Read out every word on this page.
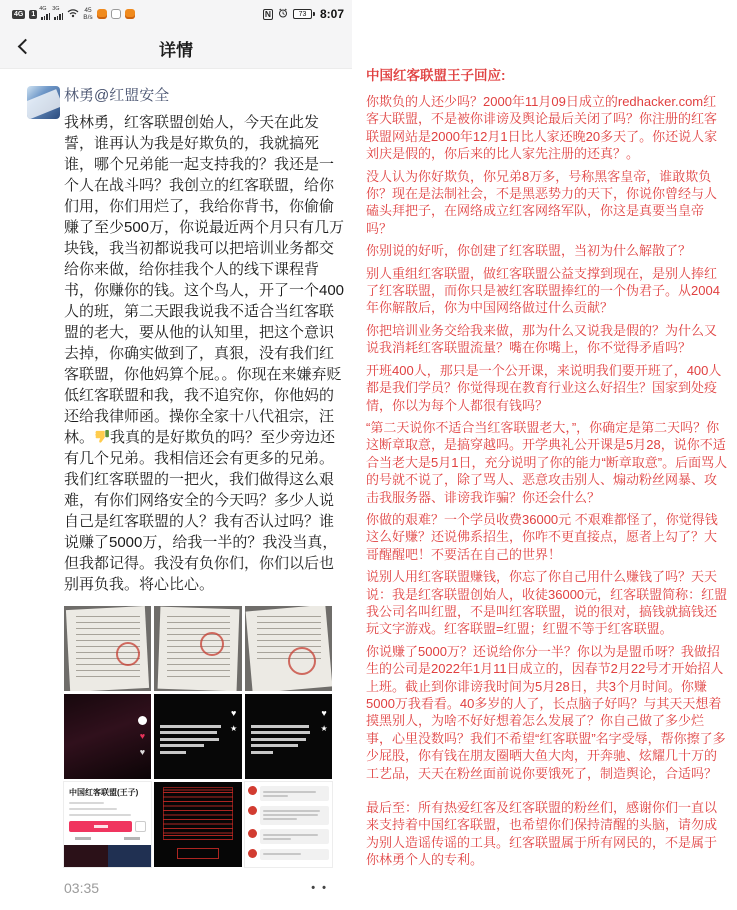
4G 1
4G 3G	45
B/s	N	73	8:07
详情
林勇@红盟安全
我林勇，红客联盟创始人，今天在此发誓，谁再认为我是好欺负的，我就搞死谁，哪个兄弟能一起支持我的？我还是一个人在战斗吗？我创立的红客联盟，给你们用，你们用烂了，我给你背书，你偷偷赚了至少500万，你说最近两个月只有几万块钱，我当初都说我可以把培训业务都交给你来做，给你挂我个人的线下课程背书，你赚你的钱。这个鸟人，开了一个400人的班，第二天跟我说我不适合当红客联盟的老大，要从他的认知里，把这个意识去掉，你确实做到了，真狠，没有我们红客联盟，你他妈算个屁。。你现在来嫌弃贬低红客联盟和我，我不追究你，你他妈的还给我律师函。操你全家十八代祖宗，汪林。 我真的是好欺负的吗？至少旁边还有几个兄弟。我相信还会有更多的兄弟。我们红客联盟的一把火，我们做得这么艰难，有你们网络安全的今天吗？多少人说自己是红客联盟的人？我有否认过吗？谁说赚了5000万，给我一半的？我没当真，但我都记得。我没有负你们，你们以后也别再负我。将心比心。
♥
♥
♥
★
♥
★
中国红客联盟(王子)
03:35	• •
中国红客联盟王子回应:

你欺负的人还少吗？2000年11月09日成立的redhacker.com红客大联盟，不是被你诽谤及舆论最后关闭了吗？你注册的红客联盟网站是2000年12月1日比人家还晚20多天了。你还说人家刘庆是假的，你后来的比人家先注册的还真？。

没人认为你好欺负，你兄弟8万多，号称黑客皇帝，谁敢欺负你？现在是法制社会，不是黑恶势力的天下，你说你曾经与人磕头拜把子，在网络成立红客网络军队，你这是真要当皇帝吗？

你别说的好听，你创建了红客联盟，当初为什么解散了？

别人重组红客联盟，做红客联盟公益支撑到现在，是别人捧红了红客联盟，而你只是被红客联盟捧红的一个伪君子。从2004年你解散后，你为中国网络做过什么贡献？

你把培训业务交给我来做，那为什么又说我是假的？为什么又说我消耗红客联盟流量？嘴在你嘴上，你不觉得矛盾吗？

开班400人，那只是一个公开课，来说明我们要开班了，400人都是我们学员？你觉得现在教育行业这么好招生？国家到处疫情，你以为每个人都很有钱吗？

“第二天说你不适合当红客联盟老大，”，你确定是第二天吗？你这断章取意，是搞穿越吗。开学典礼公开课是5月28，说你不适合当老大是5月1日，充分说明了你的能力“断章取意”。后面骂人的号就不说了，除了骂人、恶意攻击别人、煽动粉丝网暴、攻击我服务器、诽谤我诈骗？你还会什么？

你做的艰难？一个学员收费36000元 不艰难都怪了，你觉得钱这么好赚？还说佛系招生，你咋不更直接点，愿者上勾了？大哥醒醒吧！不要活在自己的世界！

说别人用红客联盟赚钱，你忘了你自己用什么赚钱了吗？天天说：我是红客联盟创始人，收徒36000元，红客联盟简称：红盟我公司名叫红盟，不是叫红客联盟，说的很对，搞钱就搞钱还玩文字游戏。红客联盟=红盟；红盟不等于红客联盟。

你说赚了5000万？还说给你分一半？你以为是盟币呀？我做招生的公司是2022年1月11日成立的，因春节2月22号才开始招人上班。截止到你诽谤我时间为5月28日，共3个月时间。你赚5000万我看看。40多岁的人了，长点脑子好吗？与其天天想着摸黑别人，为啥不好好想着怎么发展了？你自己做了多少烂事，心里没数吗？我们不希望“红客联盟”名字受辱，帮你擦了多少屁股，你有钱在朋友圈晒大鱼大肉，开奔驰、炫耀几十万的工艺品，天天在粉丝面前说你要饿死了，制造舆论，合适吗？

最后至：所有热爱红客及红客联盟的粉丝们，感谢你们一直以来支持着中国红客联盟，也希望你们保持清醒的头脑，请勿成为别人造谣传谣的工具。红客联盟属于所有网民的，不是属于你林勇个人的专利。
